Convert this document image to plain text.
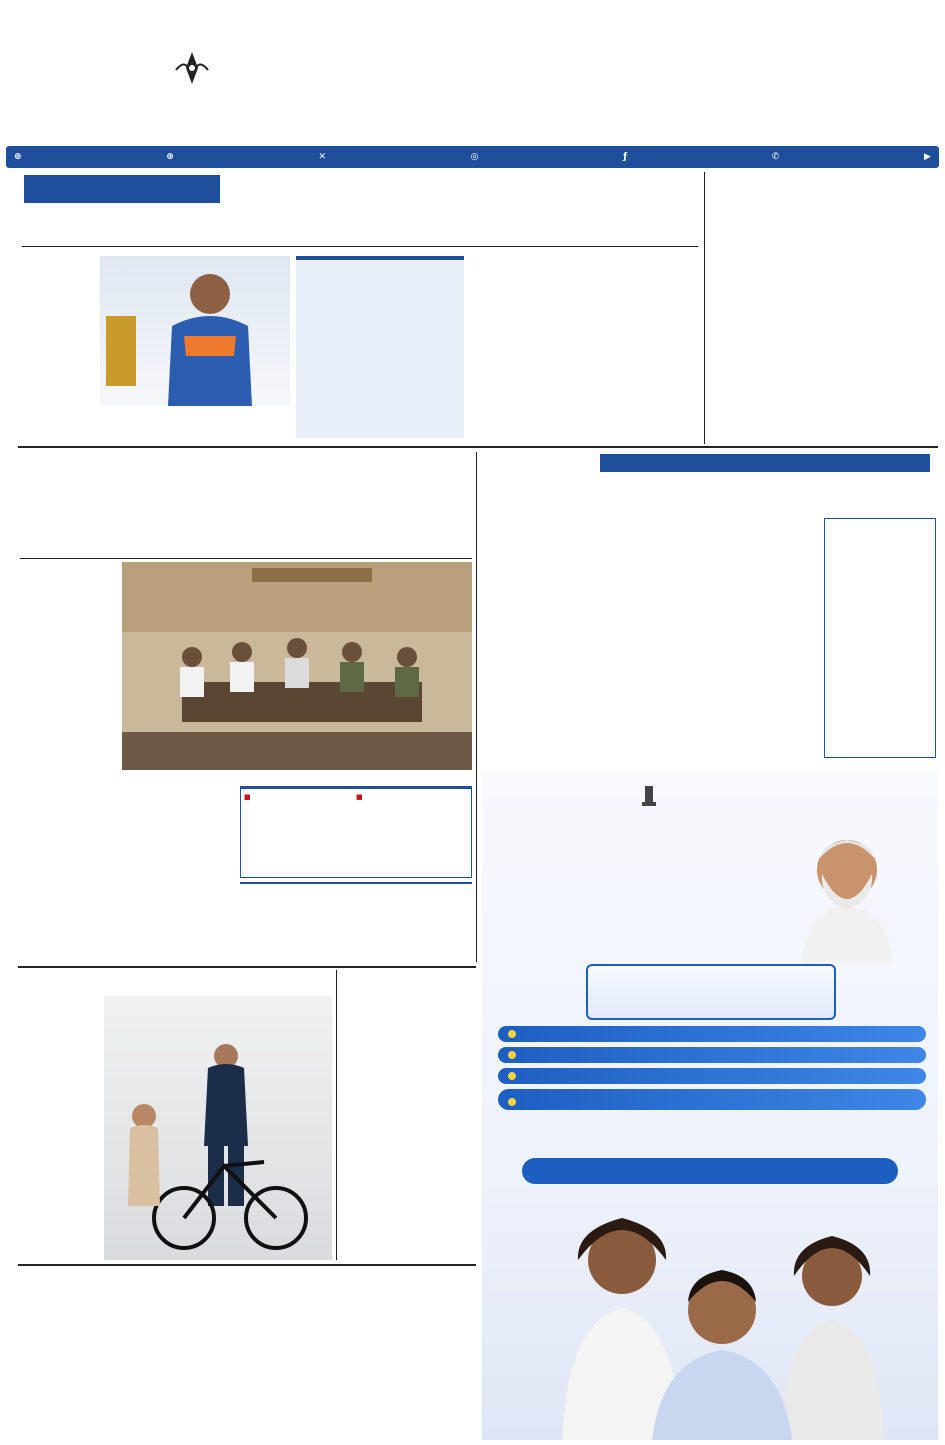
⊕	⊕	✕	◎	ƒ	✆	▶
